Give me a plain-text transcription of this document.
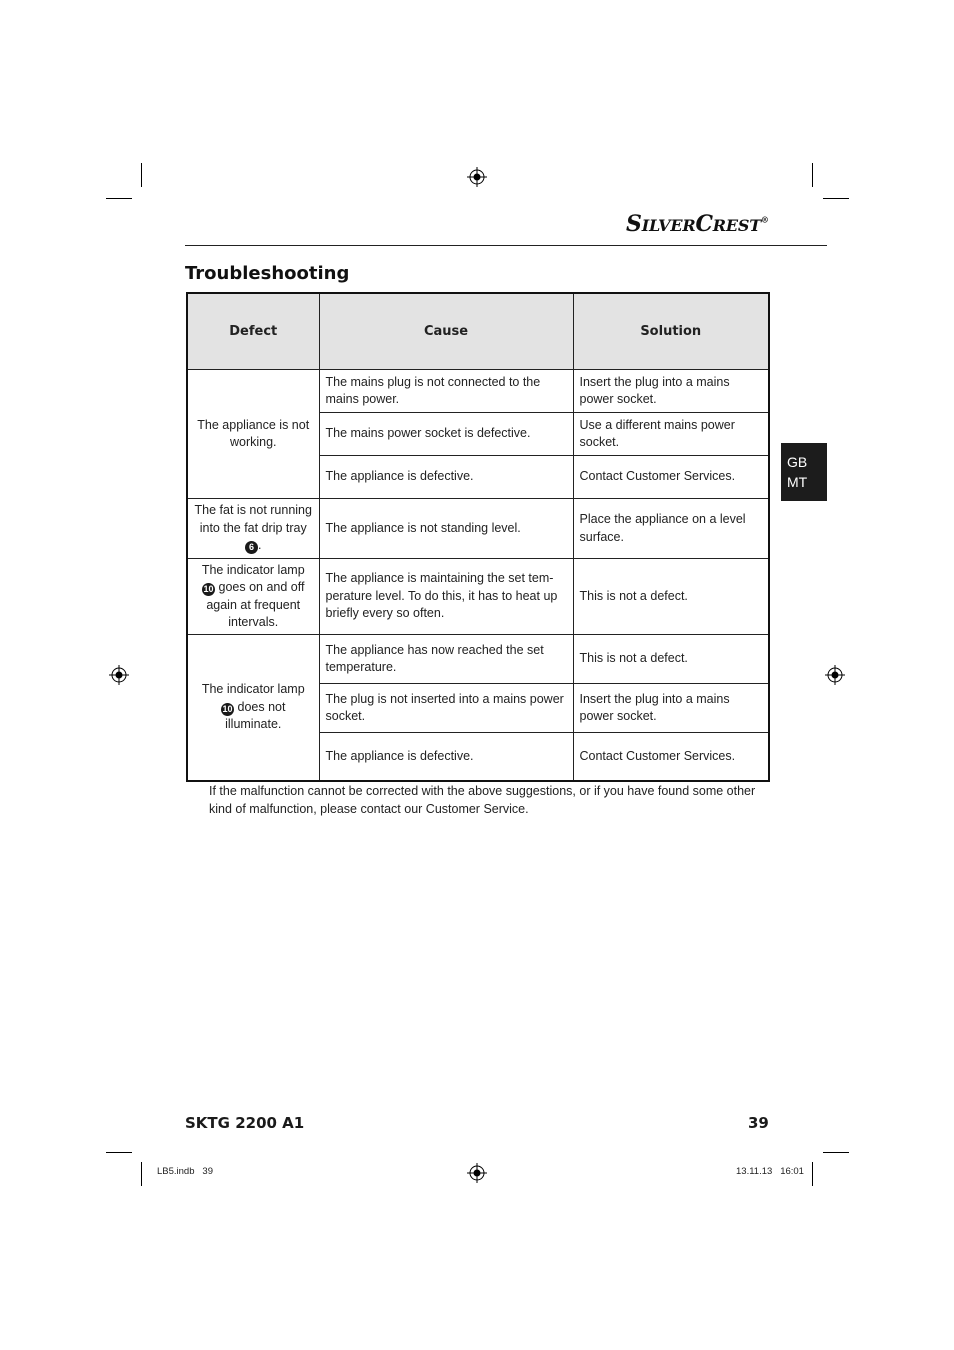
SILVERCREST®
Troubleshooting
GB
MT
Defect	Cause	Solution
The appliance is not working.	The mains plug is not connected to the mains power.	Insert the plug into a mains power socket.
	The mains power socket is defective.	Use a different mains power socket.
	The appliance is defective.	Contact Customer Services.
The fat is not running into the fat drip tray 6 .	The appliance is not standing level.	Place the appliance on a level surface.
The indicator lamp 10 goes on and off again at frequent intervals.	The appliance is maintaining the set tem-perature level. To do this, it has to heat up briefly every so often.	This is not a defect.
The indicator lamp 10 does not illuminate.	The appliance has now reached the set temperature.	This is not a defect.
	The plug is not inserted into a mains power socket.	Insert the plug into a mains power socket.
	The appliance is defective.	Contact Customer Services.
If the malfunction cannot be corrected with the above suggestions, or if you have found some other kind of malfunction, please contact our Customer Service.
SKTG 2200 A1	39
LB5.indb   39	13.11.13   16:01
